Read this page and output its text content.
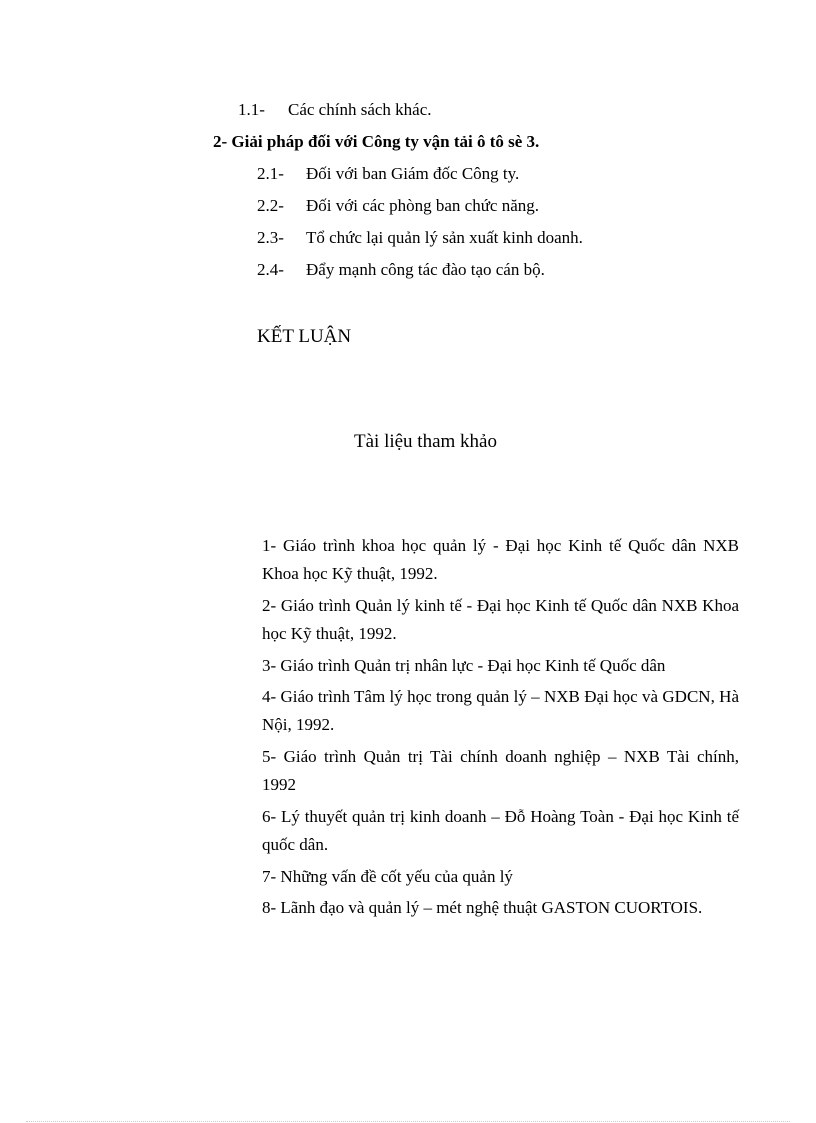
1.1- Các chính sách khác.
2- Giải pháp đối với Công ty vận tải ô tô sè 3.
2.1- Đối với ban Giám đốc Công ty.
2.2- Đối với các phòng ban chức năng.
2.3- Tổ chức lại quản lý sản xuất kinh doanh.
2.4- Đẩy mạnh công tác đào tạo cán bộ.
KẾT LUẬN
Tài liệu tham khảo
1- Giáo trình khoa học quản lý - Đại học Kinh tế Quốc dân NXB Khoa học Kỹ thuật, 1992.
2- Giáo trình Quản lý kinh tế - Đại học Kinh tế Quốc dân NXB Khoa học Kỹ thuật, 1992.
3- Giáo trình Quản trị nhân lực - Đại học Kinh tế Quốc dân
4- Giáo trình Tâm lý học trong quản lý – NXB Đại học và GDCN, Hà Nội, 1992.
5- Giáo trình Quản trị Tài chính doanh nghiệp – NXB Tài chính, 1992
6- Lý thuyết quản trị kinh doanh – Đỗ Hoàng Toàn - Đại học Kinh tế quốc dân.
7- Những vấn đề cốt yếu của quản lý
8- Lãnh đạo và quản lý – mét nghệ thuật GASTON CUORTOIS.
